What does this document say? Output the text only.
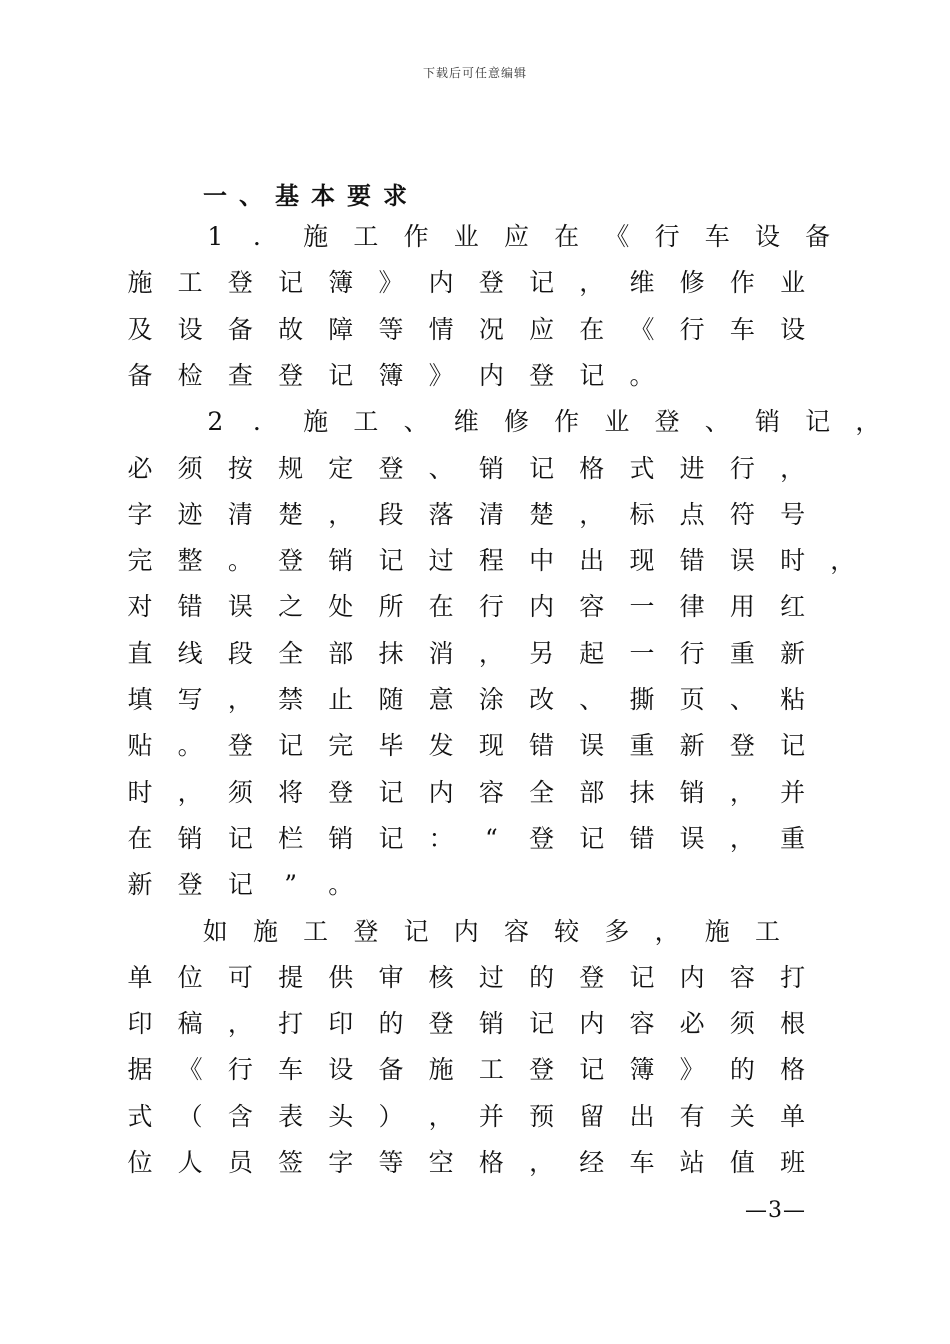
下载后可任意编辑
一、基本要求
1 ． 施 工 作 业 应 在 《 行 车 设 备
施 工 登 记 簿 》 内 登 记 ， 维 修 作 业
及 设 备 故 障 等 情 况 应 在 《 行 车 设
备 检 查 登 记 簿 》 内 登 记 。
2 ． 施 工 、 维 修 作 业 登 、 销 记 ，
必 须 按 规 定 登 、 销 记 格 式 进 行 ，
字 迹 清 楚 ， 段 落 清 楚 ， 标 点 符 号
完 整 。 登 销 记 过 程 中 出 现 错 误 时 ，
对 错 误 之 处 所 在 行 内 容 一 律 用 红
直 线 段 全 部 抹 消 ， 另 起 一 行 重 新
填 写 ， 禁 止 随 意 涂 改 、 撕 页 、 粘
贴 。 登 记 完 毕 发 现 错 误 重 新 登 记
时 ， 须 将 登 记 内 容 全 部 抹 销 ， 并
在 销 记 栏 销 记 ：	“	登 记 错 误 ， 重
新 登 记	”	。
如 施 工 登 记 内 容 较 多 ， 施 工
单 位 可 提 供 审 核 过 的 登 记 内 容 打
印 稿 ， 打 印 的 登 销 记 内 容 必 须 根
据 《 行 车 设 备 施 工 登 记 簿 》 的 格
式 （ 含 表 头 ） ， 并 预 留 出 有 关 单
位 人 员 签 字 等 空 格 ， 经 车 站 值 班
—3—
